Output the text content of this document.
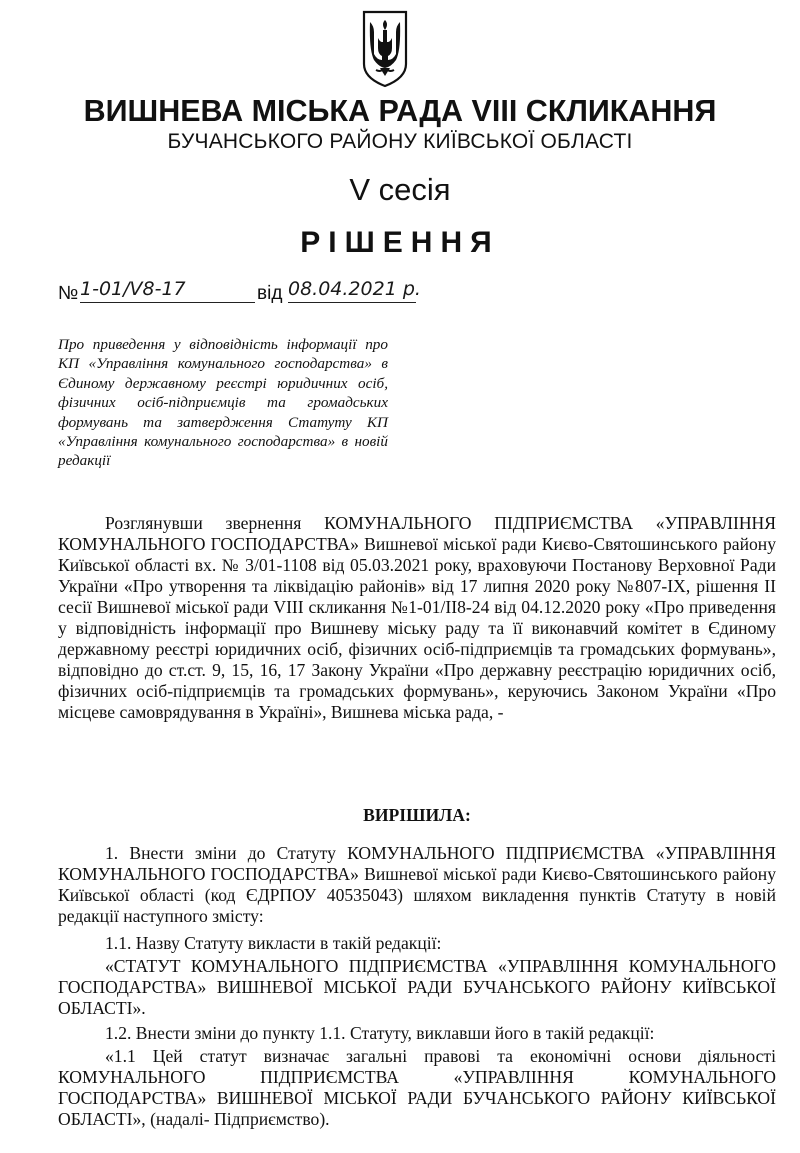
ВИШНЕВА МІСЬКА РАДА VIII СКЛИКАННЯ
БУЧАНСЬКОГО РАЙОНУ КИЇВСЬКОЇ ОБЛАСТІ
V сесія
РІШЕННЯ
№ 1-01/V8-17	від 08.04.2021 р.
Про приведення у відповідність інформації про КП «Управління комунального господарства» в Єдиному державному реєстрі юридичних осіб, фізичних осіб-підприємців та громадських формувань та затвердження Статуту КП «Управління комунального господарства» в новій редакції
Розглянувши звернення КОМУНАЛЬНОГО ПІДПРИЄМСТВА «УПРАВЛІННЯ КОМУНАЛЬНОГО ГОСПОДАРСТВА» Вишневої міської ради Києво-Святошинського району Київської області вх. № 3/01-1108 від 05.03.2021 року, враховуючи Постанову Верховної Ради України «Про утворення та ліквідацію районів» від 17 липня 2020 року №807-IX, рішення II сесії Вишневої міської ради VIII скликання №1-01/II8-24 від 04.12.2020 року «Про приведення у відповідність інформації про Вишневу міську раду та її виконавчий комітет в Єдиному державному реєстрі юридичних осіб, фізичних осіб-підприємців та громадських формувань», відповідно до ст.ст. 9, 15, 16, 17 Закону України «Про державну реєстрацію юридичних осіб, фізичних осіб-підприємців та громадських формувань», керуючись Законом України «Про місцеве самоврядування в Україні», Вишнева міська рада, -
ВИРІШИЛА:
1. Внести зміни до Статуту КОМУНАЛЬНОГО ПІДПРИЄМСТВА «УПРАВЛІННЯ КОМУНАЛЬНОГО ГОСПОДАРСТВА» Вишневої міської ради Києво-Святошинського району Київської області (код ЄДРПОУ 40535043) шляхом викладення пунктів Статуту в новій редакції наступного змісту:
1.1. Назву Статуту викласти в такій редакції:
«СТАТУТ КОМУНАЛЬНОГО ПІДПРИЄМСТВА «УПРАВЛІННЯ КОМУНАЛЬНОГО ГОСПОДАРСТВА» ВИШНЕВОЇ МІСЬКОЇ РАДИ БУЧАНСЬКОГО РАЙОНУ КИЇВСЬКОЇ ОБЛАСТІ».
1.2. Внести зміни до пункту 1.1. Статуту, виклавши його в такій редакції:
«1.1 Цей статут визначає загальні правові та економічні основи діяльності КОМУНАЛЬНОГО ПІДПРИЄМСТВА «УПРАВЛІННЯ КОМУНАЛЬНОГО ГОСПОДАРСТВА» ВИШНЕВОЇ МІСЬКОЇ РАДИ БУЧАНСЬКОГО РАЙОНУ КИЇВСЬКОЇ ОБЛАСТІ», (надалі- Підприємство).
